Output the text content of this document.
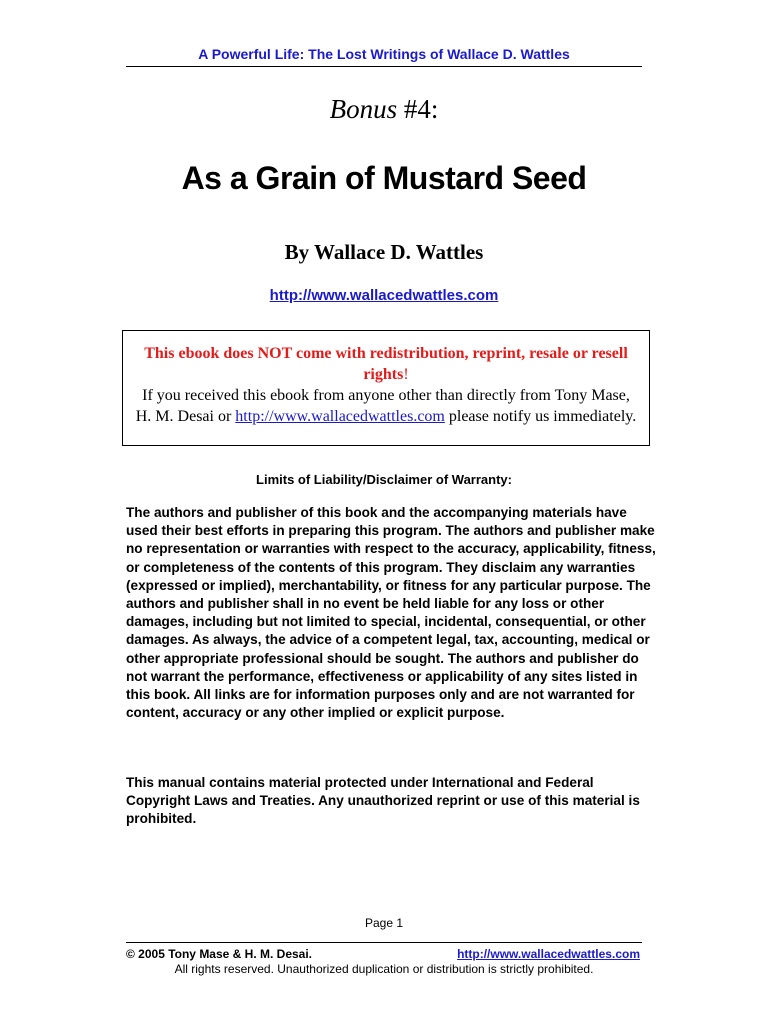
A Powerful Life: The Lost Writings of Wallace D. Wattles
Bonus #4:
As a Grain of Mustard Seed
By Wallace D. Wattles
http://www.wallacedwattles.com
This ebook does NOT come with redistribution, reprint, resale or resell rights!
If you received this ebook from anyone other than directly from Tony Mase, H. M. Desai or http://www.wallacedwattles.com please notify us immediately.
Limits of Liability/Disclaimer of Warranty:
The authors and publisher of this book and the accompanying materials have used their best efforts in preparing this program. The authors and publisher make no representation or warranties with respect to the accuracy, applicability, fitness, or completeness of the contents of this program. They disclaim any warranties (expressed or implied), merchantability, or fitness for any particular purpose. The authors and publisher shall in no event be held liable for any loss or other damages, including but not limited to special, incidental, consequential, or other damages. As always, the advice of a competent legal, tax, accounting, medical or other appropriate professional should be sought. The authors and publisher do not warrant the performance, effectiveness or applicability of any sites listed in this book. All links are for information purposes only and are not warranted for content, accuracy or any other implied or explicit purpose.
This manual contains material protected under International and Federal Copyright Laws and Treaties. Any unauthorized reprint or use of this material is prohibited.
Page 1
© 2005 Tony Mase & H. M. Desai.	http://www.wallacedwattles.com
All rights reserved. Unauthorized duplication or distribution is strictly prohibited.
